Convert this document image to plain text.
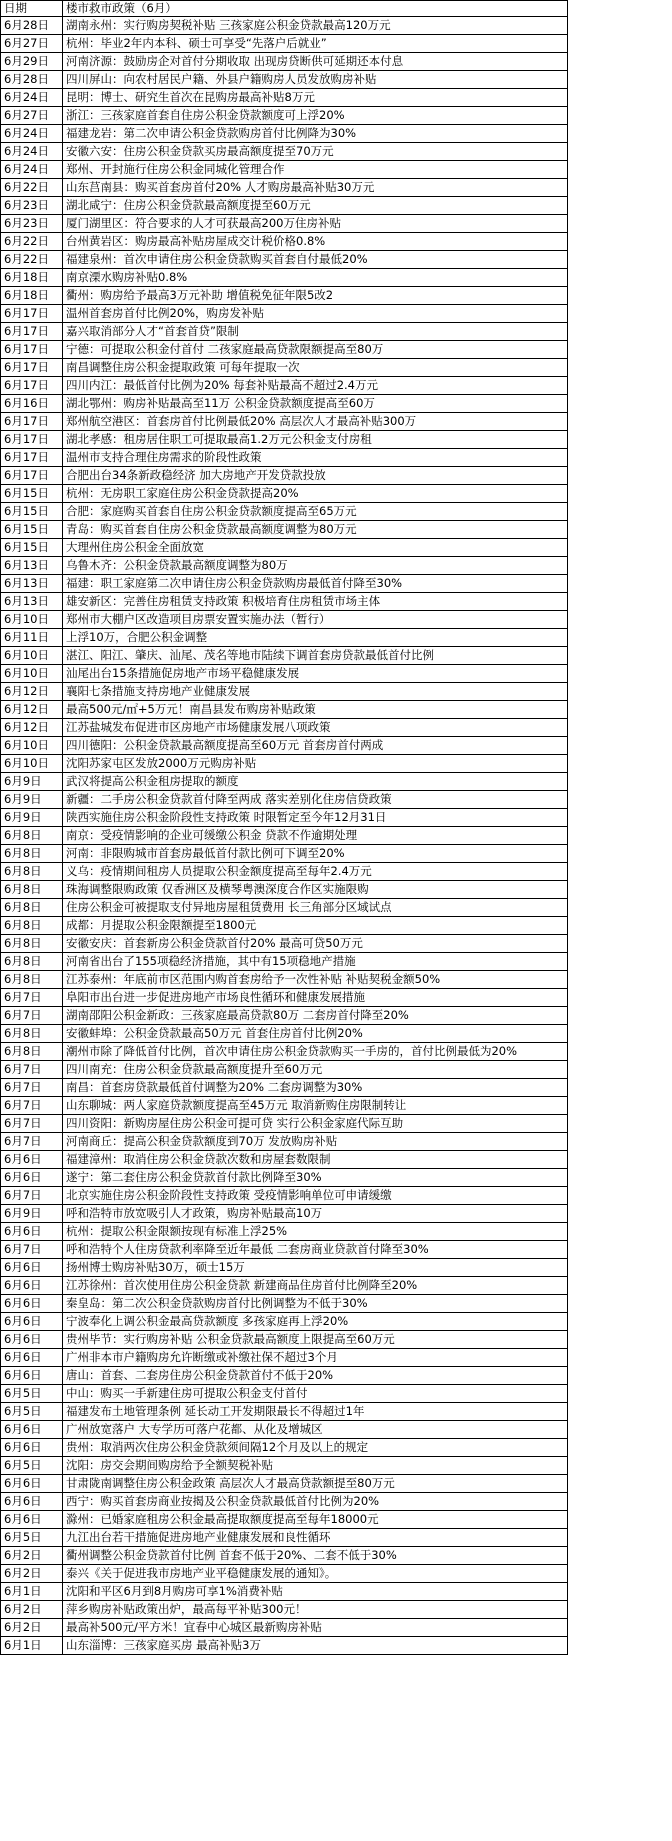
日期	楼市救市政策（6月）
6月28日	湖南永州：实行购房契税补贴 三孩家庭公积金贷款最高120万元
6月27日	杭州：毕业2年内本科、硕士可享受“先落户后就业”
6月29日	河南济源：鼓励房企对首付分期收取 出现房贷断供可延期还本付息
6月28日	四川屏山：向农村居民户籍、外县户籍购房人员发放购房补贴
6月24日	昆明：博士、研究生首次在昆购房最高补贴8万元
6月27日	浙江：三孩家庭首套自住房公积金贷款额度可上浮20%
6月24日	福建龙岩：第二次申请公积金贷款购房首付比例降为30%
6月24日	安徽六安：住房公积金贷款买房最高额度提至70万元
6月24日	郑州、开封施行住房公积金同城化管理合作
6月22日	山东莒南县：购买首套房首付20% 人才购房最高补贴30万元
6月23日	湖北咸宁：住房公积金贷款最高额度提至60万元
6月23日	厦门湖里区：符合要求的人才可获最高200万住房补贴
6月22日	台州黄岩区：购房最高补贴房屋成交计税价格0.8%
6月22日	福建泉州：首次申请住房公积金贷款购买首套自付最低20%
6月18日	南京溧水购房补贴0.8%
6月18日	衢州：购房给予最高3万元补助 增值税免征年限5改2
6月17日	温州首套房首付比例20%，购房发补贴
6月17日	嘉兴取消部分人才“首套首贷”限制
6月17日	宁德：可提取公积金付首付 二孩家庭最高贷款限额提高至80万
6月17日	南昌调整住房公积金提取政策 可每年提取一次
6月17日	四川内江：最低首付比例为20% 每套补贴最高不超过2.4万元
6月16日	湖北鄂州：购房补贴最高至11万 公积金贷款额度提高至60万
6月17日	郑州航空港区：首套房首付比例最低20% 高层次人才最高补贴300万
6月17日	湖北孝感：租房居住职工可提取最高1.2万元公积金支付房租
6月17日	温州市支持合理住房需求的阶段性政策
6月17日	合肥出台34条新政稳经济 加大房地产开发贷款投放
6月15日	杭州：无房职工家庭住房公积金贷款提高20%
6月15日	合肥：家庭购买首套自住房公积金贷款额度提高至65万元
6月15日	青岛：购买首套自住房公积金贷款最高额度调整为80万元
6月15日	大理州住房公积金全面放宽
6月13日	乌鲁木齐：公积金贷款最高额度调整为80万
6月13日	福建：职工家庭第二次申请住房公积金贷款购房最低首付降至30%
6月13日	雄安新区：完善住房租赁支持政策 积极培育住房租赁市场主体
6月10日	郑州市大棚户区改造项目房票安置实施办法（暂行）
6月11日	上浮10万，合肥公积金调整
6月10日	湛江、阳江、肇庆、汕尾、茂名等地市陆续下调首套房贷款最低首付比例
6月10日	汕尾出台15条措施促房地产市场平稳健康发展
6月12日	襄阳七条措施支持房地产业健康发展
6月12日	最高500元/㎡+5万元！南昌县发布购房补贴政策
6月12日	江苏盐城发布促进市区房地产市场健康发展八项政策
6月10日	四川德阳：公积金贷款最高额度提高至60万元 首套房首付两成
6月10日	沈阳苏家屯区发放2000万元购房补贴
6月9日	武汉将提高公积金租房提取的额度
6月9日	新疆：二手房公积金贷款首付降至两成 落实差别化住房信贷政策
6月9日	陕西实施住房公积金阶段性支持政策 时限暂定至今年12月31日
6月8日	南京：受疫情影响的企业可缓缴公积金 贷款不作逾期处理
6月8日	河南：非限购城市首套房最低首付款比例可下调至20%
6月8日	义乌：疫情期间租房人员提取公积金额度提高至每年2.4万元
6月8日	珠海调整限购政策 仅香洲区及横琴粤澳深度合作区实施限购
6月8日	住房公积金可被提取支付异地房屋租赁费用 长三角部分区域试点
6月8日	成都：月提取公积金限额提至1800元
6月8日	安徽安庆：首套新房公积金贷款首付20% 最高可贷50万元
6月8日	河南省出台了155项稳经济措施，其中有15项稳地产措施
6月8日	江苏泰州：年底前市区范围内购首套房给予一次性补贴 补贴契税金额50%
6月7日	阜阳市出台进一步促进房地产市场良性循环和健康发展措施
6月7日	湖南邵阳公积金新政：三孩家庭最高贷款80万 二套房首付降至20%
6月8日	安徽蚌埠：公积金贷款最高50万元 首套住房首付比例20%
6月8日	潮州市除了降低首付比例，首次申请住房公积金贷款购买一手房的，首付比例最低为20%
6月7日	四川南充：住房公积金贷款最高额度提升至60万元
6月7日	南昌：首套房贷款最低首付调整为20% 二套房调整为30%
6月7日	山东聊城：两人家庭贷款额度提高至45万元 取消新购住房限制转让
6月7日	四川资阳：新购房屋住房公积金可提可贷 实行公积金家庭代际互助
6月7日	河南商丘：提高公积金贷款额度到70万 发放购房补贴
6月6日	福建漳州：取消住房公积金贷款次数和房屋套数限制
6月6日	遂宁：第二套住房公积金贷款首付款比例降至30%
6月7日	北京实施住房公积金阶段性支持政策 受疫情影响单位可申请缓缴
6月9日	呼和浩特市放宽吸引人才政策，购房补贴最高10万
6月6日	杭州：提取公积金限额按现有标准上浮25%
6月7日	呼和浩特个人住房贷款利率降至近年最低 二套房商业贷款首付降至30%
6月6日	扬州博士购房补贴30万，硕士15万
6月6日	江苏徐州：首次使用住房公积金贷款 新建商品住房首付比例降至20%
6月6日	秦皇岛：第二次公积金贷款购房首付比例调整为不低于30%
6月6日	宁波奉化上调公积金最高贷款额度 多孩家庭再上浮20%
6月6日	贵州毕节：实行购房补贴 公积金贷款最高额度上限提高至60万元
6月6日	广州非本市户籍购房允许断缴或补缴社保不超过3个月
6月6日	唐山：首套、二套房住房公积金贷款首付不低于20%
6月5日	中山：购买一手新建住房可提取公积金支付首付
6月5日	福建发布土地管理条例 延长动工开发期限最长不得超过1年
6月6日	广州放宽落户 大专学历可落户花都、从化及增城区
6月6日	贵州：取消两次住房公积金贷款须间隔12个月及以上的规定
6月5日	沈阳：房交会期间购房给予全额契税补贴
6月6日	甘肃陇南调整住房公积金政策 高层次人才最高贷款额提至80万元
6月6日	西宁：购买首套房商业按揭及公积金贷款最低首付比例为20%
6月6日	滁州：已婚家庭租房公积金最高提取额度提高至每年18000元
6月5日	九江出台若干措施促进房地产业健康发展和良性循环
6月2日	衢州调整公积金贷款首付比例 首套不低于20%、二套不低于30%
6月2日	泰兴《关于促进我市房地产业平稳健康发展的通知》。
6月1日	沈阳和平区6月到8月购房可享1%消费补贴
6月2日	萍乡购房补贴政策出炉，最高每平补贴300元！
6月2日	最高补500元/平方米！宜春中心城区最新购房补贴
6月1日	山东淄博：三孩家庭买房 最高补贴3万
